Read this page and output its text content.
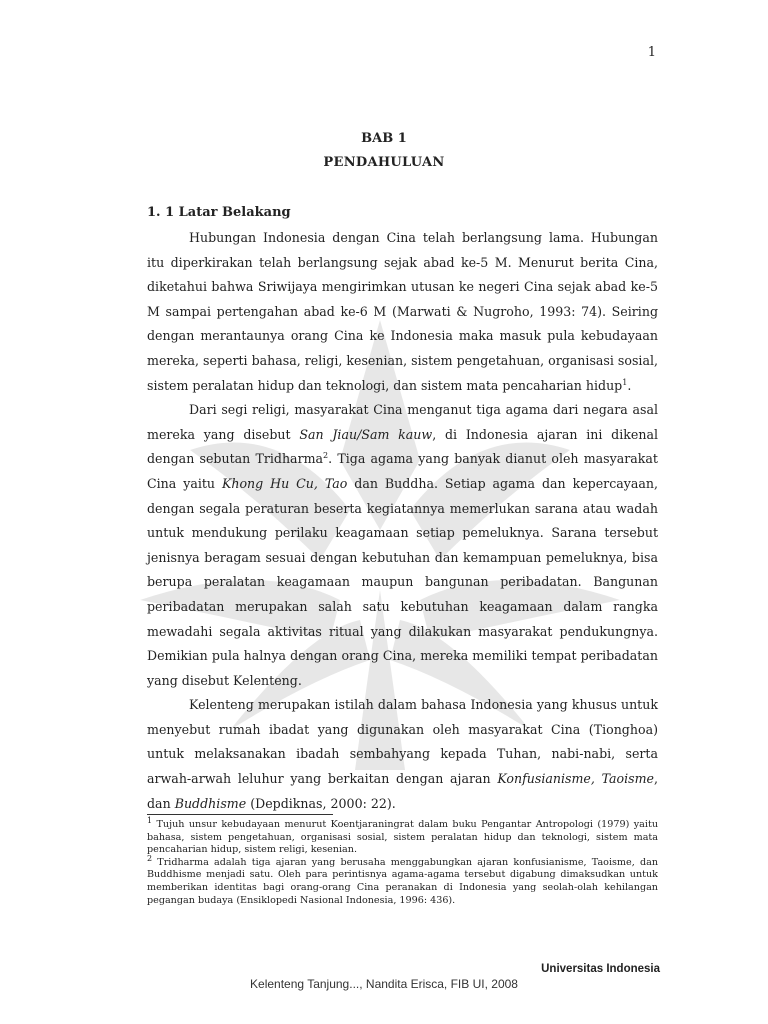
1
BAB 1
PENDAHULUAN
1. 1 Latar Belakang

Hubungan Indonesia dengan Cina telah berlangsung lama. Hubungan itu diperkirakan telah berlangsung sejak abad ke-5 M. Menurut berita Cina, diketahui bahwa Sriwijaya mengirimkan utusan ke negeri Cina sejak abad ke-5 M sampai pertengahan abad ke-6 M (Marwati & Nugroho, 1993: 74). Seiring dengan merantaunya orang Cina ke Indonesia maka masuk pula kebudayaan mereka, seperti bahasa, religi, kesenian, sistem pengetahuan, organisasi sosial, sistem peralatan hidup dan teknologi, dan sistem mata pencaharian hidup$^1$.

Dari segi religi, masyarakat Cina menganut tiga agama dari negara asal mereka yang disebut San Jiau/Sam kauw, di Indonesia ajaran ini dikenal dengan sebutan Tridharma$^2$. Tiga agama yang banyak dianut oleh masyarakat Cina yaitu Khong Hu Cu, Tao dan Buddha. Setiap agama dan kepercayaan, dengan segala peraturan beserta kegiatannya memerlukan sarana atau wadah untuk mendukung perilaku keagamaan setiap pemeluknya. Sarana tersebut jenisnya beragam sesuai dengan kebutuhan dan kemampuan pemeluknya, bisa berupa peralatan keagamaan maupun bangunan peribadatan. Bangunan peribadatan merupakan salah satu kebutuhan keagamaan dalam rangka mewadahi segala aktivitas ritual yang dilakukan masyarakat pendukungnya. Demikian pula halnya dengan orang Cina, mereka memiliki tempat peribadatan yang disebut Kelenteng.

Kelenteng merupakan istilah dalam bahasa Indonesia yang khusus untuk menyebut rumah ibadat yang digunakan oleh masyarakat Cina (Tionghoa) untuk melaksanakan ibadah sembahyang kepada Tuhan, nabi-nabi, serta arwah-arwah leluhur yang berkaitan dengan ajaran Konfusianisme, Taoisme, dan Buddhisme (Depdiknas, 2000: 22).

$^1$ Tujuh unsur kebudayaan menurut Koentjaraningrat dalam buku Pengantar Antropologi (1979) yaitu bahasa, sistem pengetahuan, organisasi sosial, sistem peralatan hidup dan teknologi, sistem mata pencaharian hidup, sistem religi, kesenian.

$^2$ Tridharma adalah tiga ajaran yang berusaha menggabungkan ajaran konfusianisme, Taoisme, dan Buddhisme menjadi satu. Oleh para perintisnya agama-agama tersebut digabung dimaksudkan untuk memberikan identitas bagi orang-orang Cina peranakan di Indonesia yang seolah-olah kehilangan pegangan budaya (Ensiklopedi Nasional Indonesia, 1996: 436).

Universitas Indonesia
Kelenteng Tanjung..., Nandita Erisca, FIB UI, 2008
